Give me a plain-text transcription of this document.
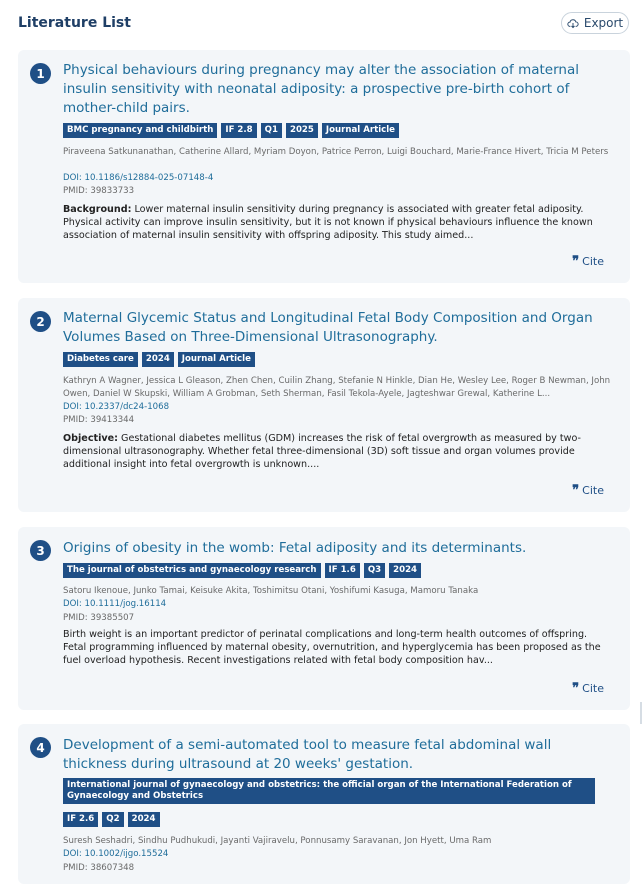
Literature List	Export
1	Physical behaviours during pregnancy may alter the association of maternal insulin sensitivity with neonatal adiposity: a prospective pre-birth cohort of mother-child pairs.
BMC pregnancy and childbirth	IF 2.8	Q1	2025	Journal Article
Piraveena Satkunanathan, Catherine Allard, Myriam Doyon, Patrice Perron, Luigi Bouchard, Marie-France Hivert, Tricia M Peters
DOI: 10.1186/s12884-025-07148-4
PMID: 39833733
Background: Lower maternal insulin sensitivity during pregnancy is associated with greater fetal adiposity. Physical activity can improve insulin sensitivity, but it is not known if physical behaviours influence the known association of maternal insulin sensitivity with offspring adiposity. This study aimed...
❞ Cite
2	Maternal Glycemic Status and Longitudinal Fetal Body Composition and Organ Volumes Based on Three-Dimensional Ultrasonography.
Diabetes care	2024	Journal Article
Kathryn A Wagner, Jessica L Gleason, Zhen Chen, Cuilin Zhang, Stefanie N Hinkle, Dian He, Wesley Lee, Roger B Newman, John Owen, Daniel W Skupski, William A Grobman, Seth Sherman, Fasil Tekola-Ayele, Jagteshwar Grewal, Katherine L...
DOI: 10.2337/dc24-1068
PMID: 39413344
Objective: Gestational diabetes mellitus (GDM) increases the risk of fetal overgrowth as measured by two-dimensional ultrasonography. Whether fetal three-dimensional (3D) soft tissue and organ volumes provide additional insight into fetal overgrowth is unknown....
❞ Cite
3	Origins of obesity in the womb: Fetal adiposity and its determinants.
The journal of obstetrics and gynaecology research	IF 1.6	Q3	2024
Satoru Ikenoue, Junko Tamai, Keisuke Akita, Toshimitsu Otani, Yoshifumi Kasuga, Mamoru Tanaka
DOI: 10.1111/jog.16114
PMID: 39385507
Birth weight is an important predictor of perinatal complications and long-term health outcomes of offspring. Fetal programming influenced by maternal obesity, overnutrition, and hyperglycemia has been proposed as the fuel overload hypothesis. Recent investigations related with fetal body composition hav...
❞ Cite
4	Development of a semi-automated tool to measure fetal abdominal wall thickness during ultrasound at 20 weeks' gestation.
International journal of gynaecology and obstetrics: the official organ of the International Federation of Gynaecology and Obstetrics
IF 2.6	Q2	2024
Suresh Seshadri, Sindhu Pudhukudi, Jayanti Vajiravelu, Ponnusamy Saravanan, Jon Hyett, Uma Ram
DOI: 10.1002/ijgo.15524
PMID: 38607348
